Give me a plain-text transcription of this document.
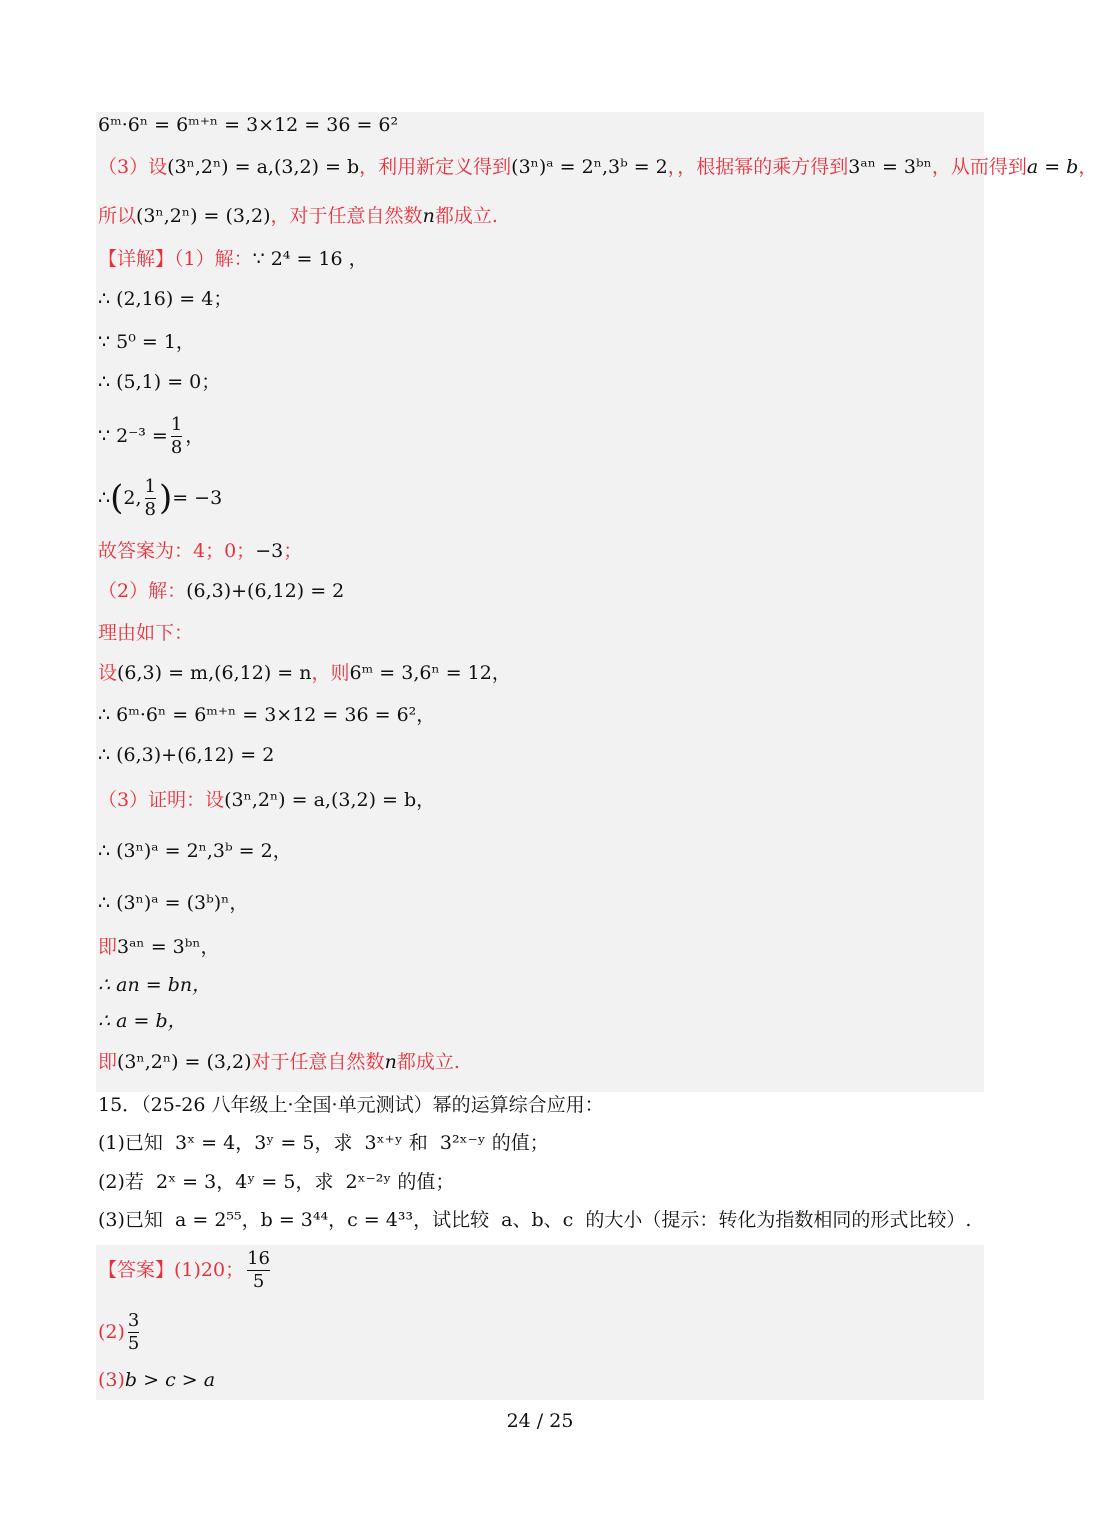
6ᵐ·6ⁿ = 6ᵐ⁺ⁿ = 3×12 = 36 = 6²
（3）设 (3ⁿ,2ⁿ) = a,(3,2) = b ，利用新定义得到 (3ⁿ)ᵃ = 2ⁿ,3ᵇ = 2 ，，根据幂的乘方得到 3ᵃⁿ = 3ᵇⁿ ，从而得到 a = b ，
所以 (3ⁿ,2ⁿ) = (3,2) ，对于任意自然数 n 都成立.
【详解】（1）解： ∵ 2⁴ = 16 ，
∴ (2,16) = 4；
∵ 5⁰ = 1，
∴ (5,1) = 0；
∵ $2^{-3} = \frac{1}{8}$ ，
∴ ( 2, $\frac{1}{8}$ ) = −3
故答案为：4；0； −3 ；
（2）解： (6,3)+(6,12) = 2
理由如下：
设 (6,3) = m,(6,12) = n ，则 6ᵐ = 3,6ⁿ = 12，
∴ 6ᵐ·6ⁿ = 6ᵐ⁺ⁿ = 3×12 = 36 = 6²，
∴ (6,3)+(6,12) = 2
（3）证明：设 (3ⁿ,2ⁿ) = a,(3,2) = b，
∴ (3ⁿ)ᵃ = 2ⁿ,3ᵇ = 2，
∴ (3ⁿ)ᵃ = (3ᵇ)ⁿ，
即 3ᵃⁿ = 3ᵇⁿ，
∴ an = bn，
∴ a = b，
即 (3ⁿ,2ⁿ) = (3,2) 对于任意自然数 n 都成立.
15．（25-26 八年级上·全国·单元测试）幂的运算综合应用：
(1)已知  3ˣ = 4，3ʸ = 5，求  3ˣ⁺ʸ 和  3²ˣ⁻ʸ 的值；
(2)若  2ˣ = 3，4ʸ = 5，求  2ˣ⁻²ʸ 的值；
(3)已知  a = 2⁵⁵，b = 3⁴⁴，c = 4³³，试比较  a、b、c  的大小（提示：转化为指数相同的形式比较）.
【答案】 (1)20； $\frac{16}{5}$
$(2) \frac{3}{5}$
(3) b > c > a
24 / 25
